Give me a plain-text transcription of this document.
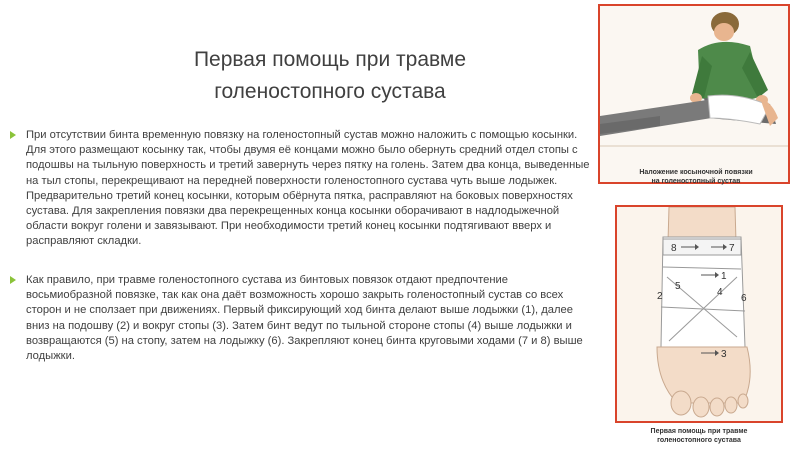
Первая помощь при травме
голеностопного сустава

При отсутствии бинта временную повязку на голеностопный сустав можно наложить с помощью косынки. Для этого размещают косынку так, чтобы двумя её концами можно было обернуть средний отдел стопы с подошвы на тыльную поверхность и третий завернуть через пятку на голень. Затем два конца, выведенные на тыл стопы, перекрещивают на передней поверхности голеностопного сустава чуть выше лодыжек. Предварительно третий конец косынки, которым обёрнута пятка, расправляют на боковых поверхностях сустава. Для закрепления повязки два перекрещенных конца косынки оборачивают в надлодыжечной области вокруг голени и завязывают. При необходимости третий конец косынки подтягивают вверх и расправляют складки.

Как правило, при травме голеностопного сустава из бинтовых повязок отдают предпочтение восьмиобразной повязке, так как она даёт возможность хорошо закрыть голеностопный сустав со всех сторон и не сползает при движениях. Первый фиксирующий ход бинта делают выше лодыжки (1), далее вниз на подошву (2) и вокруг стопы (3). Затем бинт ведут по тыльной стороне стопы (4) выше лодыжки и возвращаются (5) на стопу, затем на лодыжку (6). Закрепляют конец бинта круговыми ходами (7 и 8) выше лодыжки.

Наложение косыночной повязки
на голеностопный сустав
8	7
1
5
4
2	6
3
Первая помощь при травме
голеностопного сустава
